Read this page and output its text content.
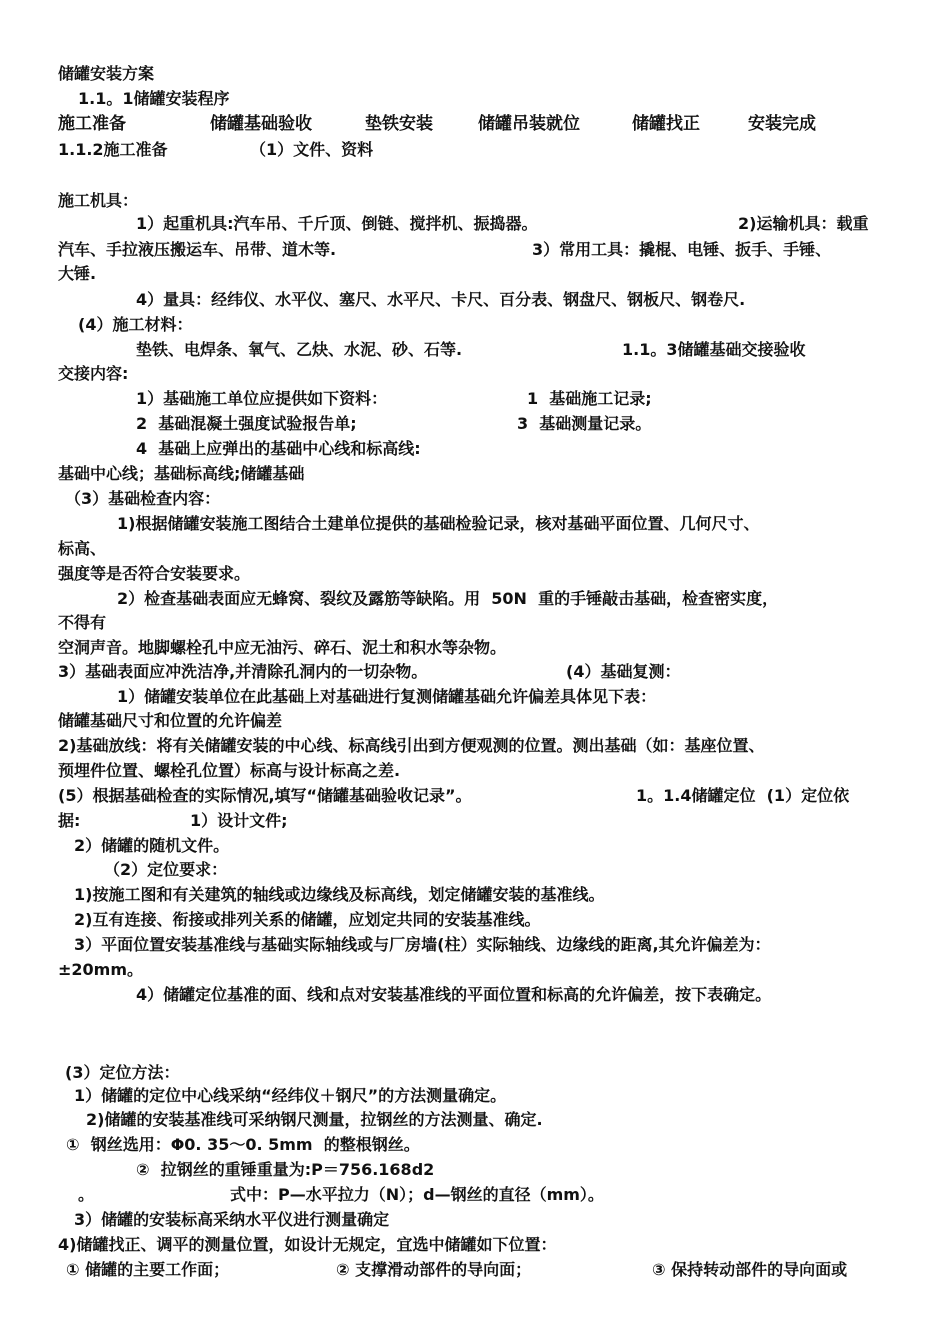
储罐安装方案
1.1。1储罐安装程序
施工准备	储罐基础验收	垫铁安装	储罐吊装就位	储罐找正	安装完成
1.1.2施工准备	（1）文件、资料
施工机具：
1）起重机具:汽车吊、千斤顶、倒链、搅拌机、振捣器。	2)运输机具：载重
汽车、手拉液压搬运车、吊带、道木等.	3）常用工具：撬棍、电锤、扳手、手锤、
大锤.
4）量具：经纬仪、水平仪、塞尺、水平尺、卡尺、百分表、钢盘尺、钢板尺、钢卷尺.
(4）施工材料：
垫铁、电焊条、氧气、乙炔、水泥、砂、石等.	1.1。3储罐基础交接验收
交接内容:
1）基础施工单位应提供如下资料：	1  基础施工记录;
2  基础混凝土强度试验报告单;	3  基础测量记录。
4  基础上应弹出的基础中心线和标高线:
基础中心线；基础标高线;储罐基础
（3）基础检查内容：
1)根据储罐安装施工图结合土建单位提供的基础检验记录，核对基础平面位置、几何尺寸、
标高、
强度等是否符合安装要求。
2）检查基础表面应无蜂窝、裂纹及露筋等缺陷。用  50N  重的手锤敲击基础，检查密实度，
不得有
空洞声音。地脚螺栓孔中应无油污、碎石、泥土和积水等杂物。
3）基础表面应冲洗洁净,并清除孔洞内的一切杂物。	(4）基础复测：
1）储罐安装单位在此基础上对基础进行复测储罐基础允许偏差具体见下表：
储罐基础尺寸和位置的允许偏差
2)基础放线：将有关储罐安装的中心线、标高线引出到方便观测的位置。测出基础（如：基座位置、
预埋件位置、螺栓孔位置）标高与设计标高之差.
(5）根据基础检查的实际情况,填写“储罐基础验收记录”。	1。1.4储罐定位  (1）定位依
据:	1）设计文件;
2）储罐的随机文件。
（2）定位要求：
1)按施工图和有关建筑的轴线或边缘线及标高线，划定储罐安装的基准线。
2)互有连接、衔接或排列关系的储罐，应划定共同的安装基准线。
3）平面位置安装基准线与基础实际轴线或与厂房墙(柱）实际轴线、边缘线的距离,其允许偏差为：
±20mm。
4）储罐定位基准的面、线和点对安装基准线的平面位置和标高的允许偏差，按下表确定。
(3）定位方法：
1）储罐的定位中心线采纳“经纬仪＋钢尺”的方法测量确定。
2)储罐的安装基准线可采纳钢尺测量，拉钢丝的方法测量、确定.
①  钢丝选用：Φ0. 35～0. 5mm  的整根钢丝。
②  拉钢丝的重锤重量为:P＝756.168d2
。	式中：P—水平拉力（N）；d—钢丝的直径（mm）。
3）储罐的安装标高采纳水平仪进行测量确定
4)储罐找正、调平的测量位置，如设计无规定，宜选中储罐如下位置：
① 储罐的主要工作面；	② 支撑滑动部件的导向面；	③ 保持转动部件的导向面或
